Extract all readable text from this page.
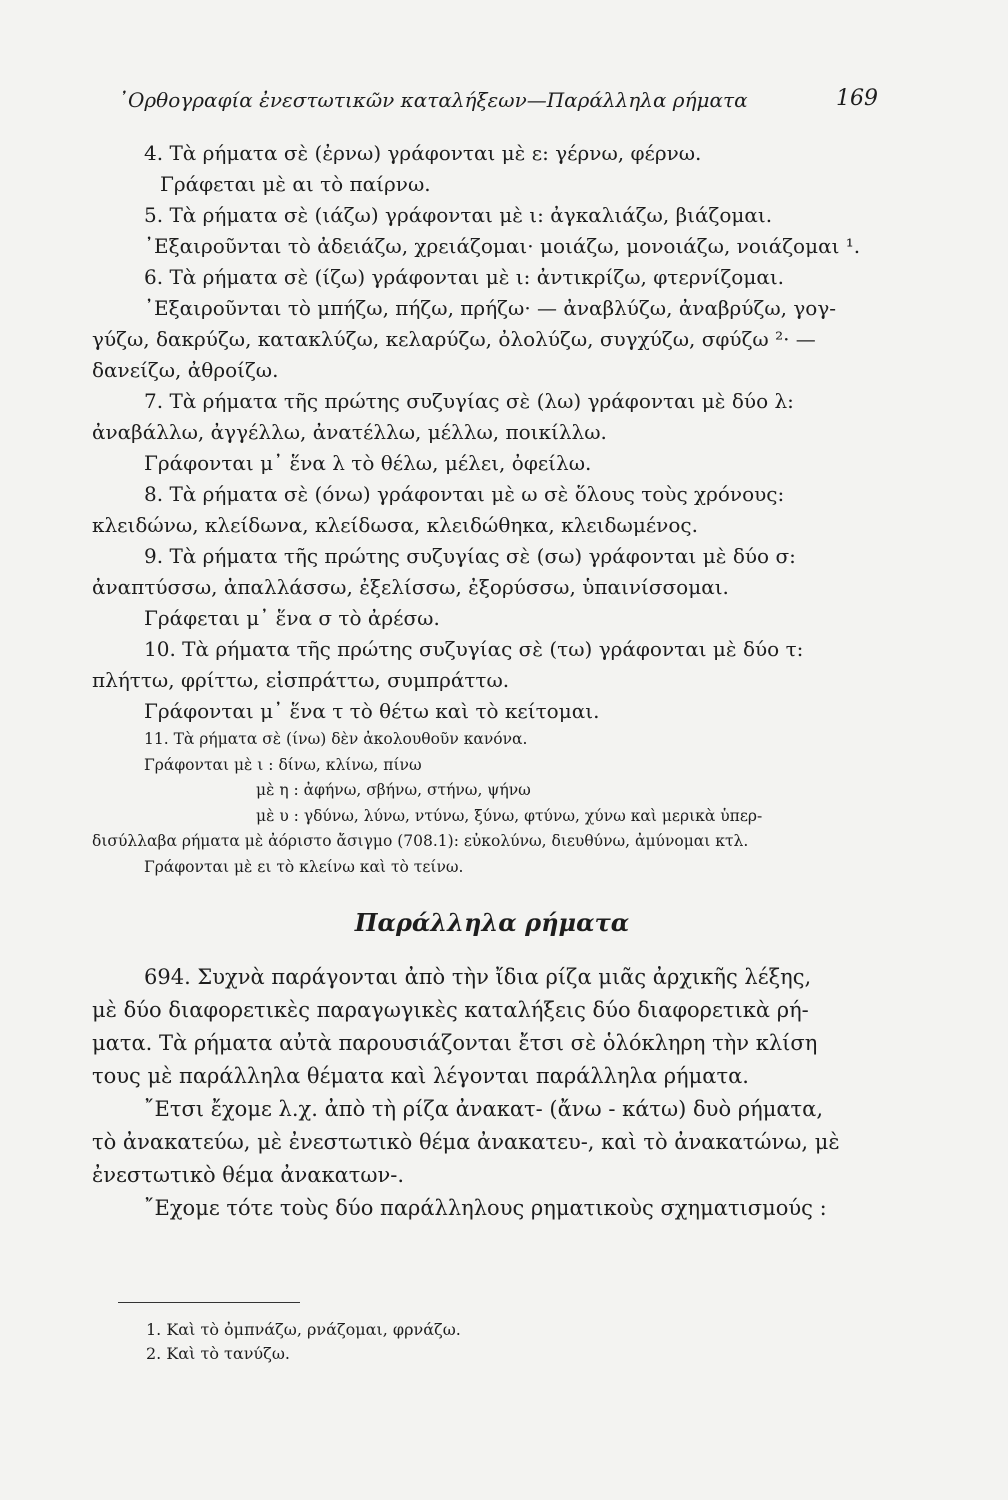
᾽Ορθογραφία ἐνεστωτικῶν καταλήξεων—Παράλληλα ρήματα	169
4. Τὰ ρήματα σὲ (ἐρνω) γράφονται μὲ ε: γέρνω, φέρνω.
Γράφεται μὲ αι τὸ παίρνω.
5. Τὰ ρήματα σὲ (ιάζω) γράφονται μὲ ι: ἀγκαλιάζω, βιάζομαι.
᾽Εξαιροῦνται τὸ ἀδειάζω, χρειάζομαι· μοιάζω, μονοιάζω, νοιάζομαι ¹.
6. Τὰ ρήματα σὲ (ίζω) γράφονται μὲ ι: ἀντικρίζω, φτερνίζομαι.
᾽Εξαιροῦνται τὸ μπήζω, πήζω, πρήζω· — ἀναβλύζω, ἀναβρύζω, γογ-
γύζω, δακρύζω, κατακλύζω, κελαρύζω, ὀλολύζω, συγχύζω, σφύζω ²· —
δανείζω, ἀθροίζω.
7. Τὰ ρήματα τῆς πρώτης συζυγίας σὲ (λω) γράφονται μὲ δύο λ:
ἀναβάλλω, ἀγγέλλω, ἀνατέλλω, μέλλω, ποικίλλω.
Γράφονται μ᾽ ἕνα λ τὸ θέλω, μέλει, ὀφείλω.
8. Τὰ ρήματα σὲ (όνω) γράφονται μὲ ω σὲ ὅλους τοὺς χρόνους:
κλειδώνω, κλείδωνα, κλείδωσα, κλειδώθηκα, κλειδωμένος.
9. Τὰ ρήματα τῆς πρώτης συζυγίας σὲ (σω) γράφονται μὲ δύο σ:
ἀναπτύσσω, ἀπαλλάσσω, ἐξελίσσω, ἐξορύσσω, ὑπαινίσσομαι.
Γράφεται μ᾽ ἕνα σ τὸ ἀρέσω.
10. Τὰ ρήματα τῆς πρώτης συζυγίας σὲ (τω) γράφονται μὲ δύο τ:
πλήττω, φρίττω, εἰσπράττω, συμπράττω.
Γράφονται μ᾽ ἕνα τ τὸ θέτω καὶ τὸ κείτομαι.
11. Τὰ ρήματα σὲ (ίνω) δὲν ἀκολουθοῦν κανόνα.
Γράφονται μὲ ι : δίνω, κλίνω, πίνω
μὲ η : ἀφήνω, σβήνω, στήνω, ψήνω
μὲ υ : γδύνω, λύνω, ντύνω, ξύνω, φτύνω, χύνω καὶ μερικὰ ὑπερ-
δισύλλαβα ρήματα μὲ ἀόριστο ἄσιγμο (708.1): εὐκολύνω, διευθύνω, ἀμύνομαι κτλ.
Γράφονται μὲ ει τὸ κλείνω καὶ τὸ τείνω.
Παράλληλα ρήματα
694. Συχνὰ παράγονται ἀπὸ τὴν ἴδια ρίζα μιᾶς ἀρχικῆς λέξης,
μὲ δύο διαφορετικὲς παραγωγικὲς καταλήξεις δύο διαφορετικὰ ρή-
ματα. Τὰ ρήματα αὐτὰ παρουσιάζονται ἔτσι σὲ ὁλόκληρη τὴν κλίση
τους μὲ παράλληλα θέματα καὶ λέγονται παράλληλα ρήματα.
῎Ετσι ἔχομε λ.χ. ἀπὸ τὴ ρίζα ἀνακατ- (ἄνω - κάτω) δυὸ ρήματα,
τὸ ἀνακατεύω, μὲ ἐνεστωτικὸ θέμα ἀνακατευ-, καὶ τὸ ἀνακατώνω, μὲ
ἐνεστωτικὸ θέμα ἀνακατων-.
῎Εχομε τότε τοὺς δύο παράλληλους ρηματικοὺς σχηματισμούς :
1. Καὶ τὸ ὀμπνάζω, ρνάζομαι, φρνάζω.
2. Καὶ τὸ τανύζω.
